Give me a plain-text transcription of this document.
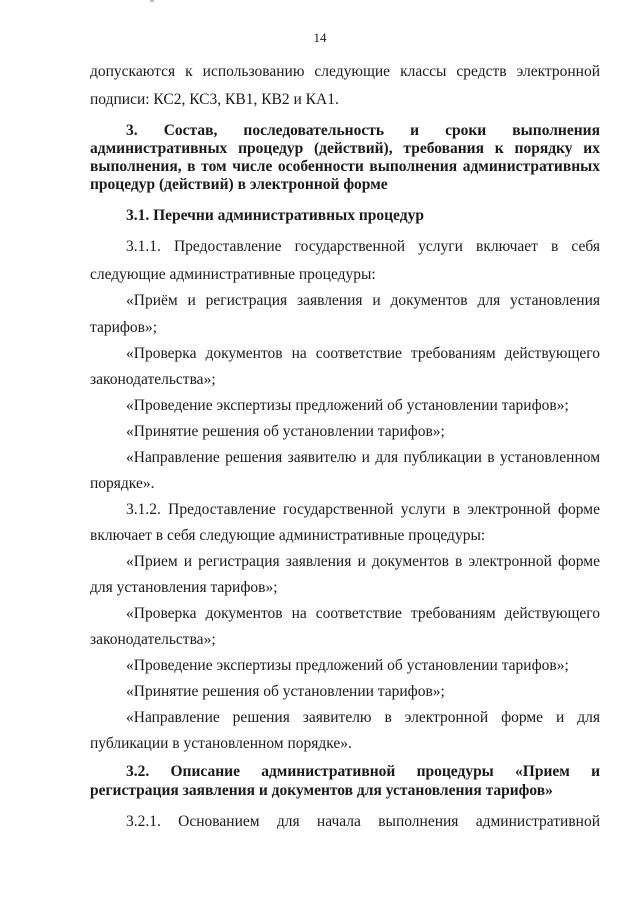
14

допускаются к использованию следующие классы средств электронной

подписи: КС2, КС3, КВ1, КВ2 и КА1.

3. Состав, последовательность и сроки выполнения

административных процедур (действий), требования к порядку их

выполнения, в том числе особенности выполнения административных

процедур (действий) в электронной форме

3.1. Перечни административных процедур

3.1.1. Предоставление государственной услуги включает в себя

следующие административные процедуры:

«Приём и регистрация заявления и документов для установления

тарифов»;

«Проверка документов на соответствие требованиям действующего

законодательства»;

«Проведение экспертизы предложений об установлении тарифов»;

«Принятие решения об установлении тарифов»;

«Направление решения заявителю и для публикации в установленном

порядке».

3.1.2. Предоставление государственной услуги в электронной форме

включает в себя следующие административные процедуры:

«Прием и регистрация заявления и документов в электронной форме

для установления тарифов»;

«Проверка документов на соответствие требованиям действующего

законодательства»;

«Проведение экспертизы предложений об установлении тарифов»;

«Принятие решения об установлении тарифов»;

«Направление решения заявителю в электронной форме и для

публикации в установленном порядке».

3.2. Описание административной процедуры «Прием и

регистрация заявления и документов для установления тарифов»

3.2.1. Основанием для начала выполнения административной
